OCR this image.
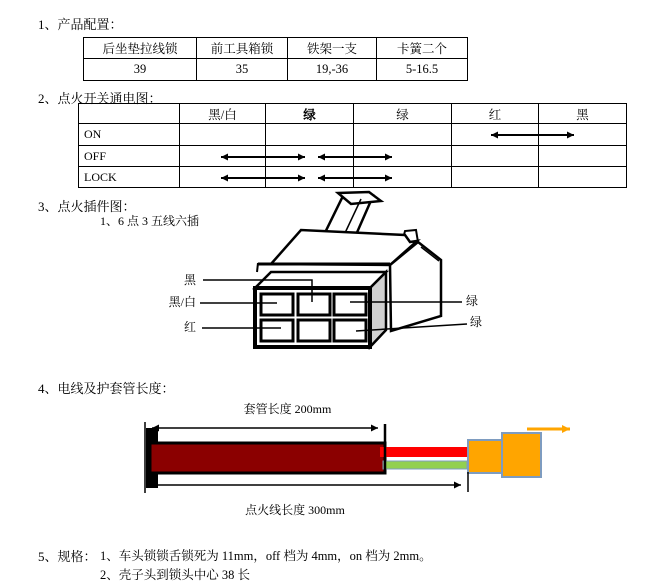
1、产品配置：
后坐垫拉线锁	前工具箱锁	铁架一支	卡簧二个
39	35	19,-36	5-16.5
2、点火开关通电图：
	黑/白	绿	绿	红	黑
ON					
OFF					
LOCK					
3、点火插件图：
1、6 点 3 五线六插
4、电线及护套管长度：
5、规格： 1、车头锁锁舌锁死为 11mm，off 档为 4mm，on 档为 2mm。
2、壳子头到锁头中心 38 长
黑
黑/白
红
绿
绿
套管长度 200mm
点火线长度 300mm
